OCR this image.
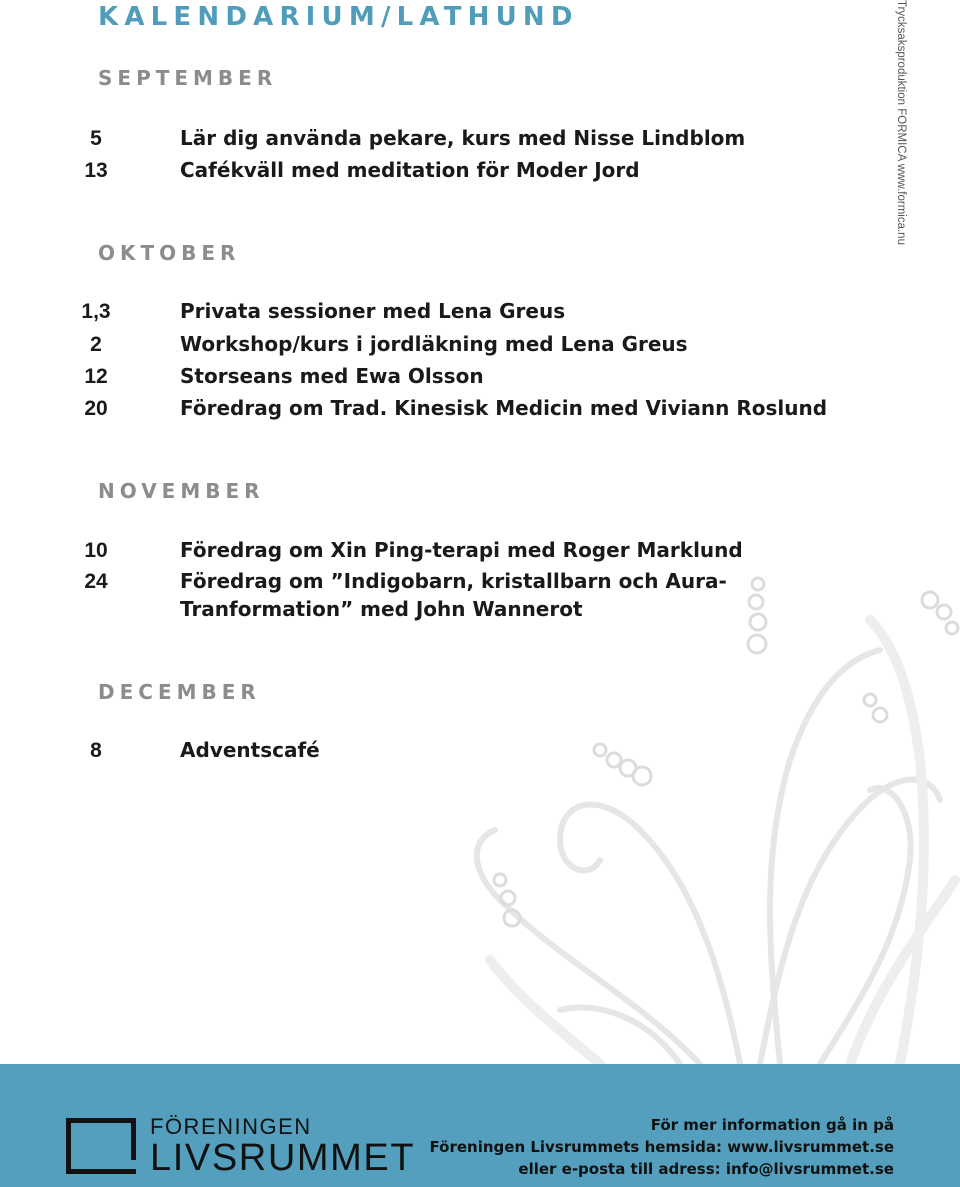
KALENDARIUM/LATHUND	Trycksaksproduktion FORMICA www.formica.nu
SEPTEMBER
5	Lär dig använda pekare, kurs med Nisse Lindblom
13	Cafékväll med meditation för Moder Jord
OKTOBER
1,3	Privata sessioner med Lena Greus
2	Workshop/kurs i jordläkning med Lena Greus
12	Storseans med Ewa Olsson
20	Föredrag om Trad. Kinesisk Medicin med Viviann Roslund
NOVEMBER
10	Föredrag om Xin Ping-terapi med Roger Marklund
24	Föredrag om ”Indigobarn, kristallbarn och Aura-
Tranformation” med John Wannerot
DECEMBER
8	Adventscafé
FÖRENINGEN
LIVSRUMMET
För mer information gå in på
Föreningen Livsrummets hemsida: www.livsrummet.se
eller e-posta till adress: info@livsrummet.se
